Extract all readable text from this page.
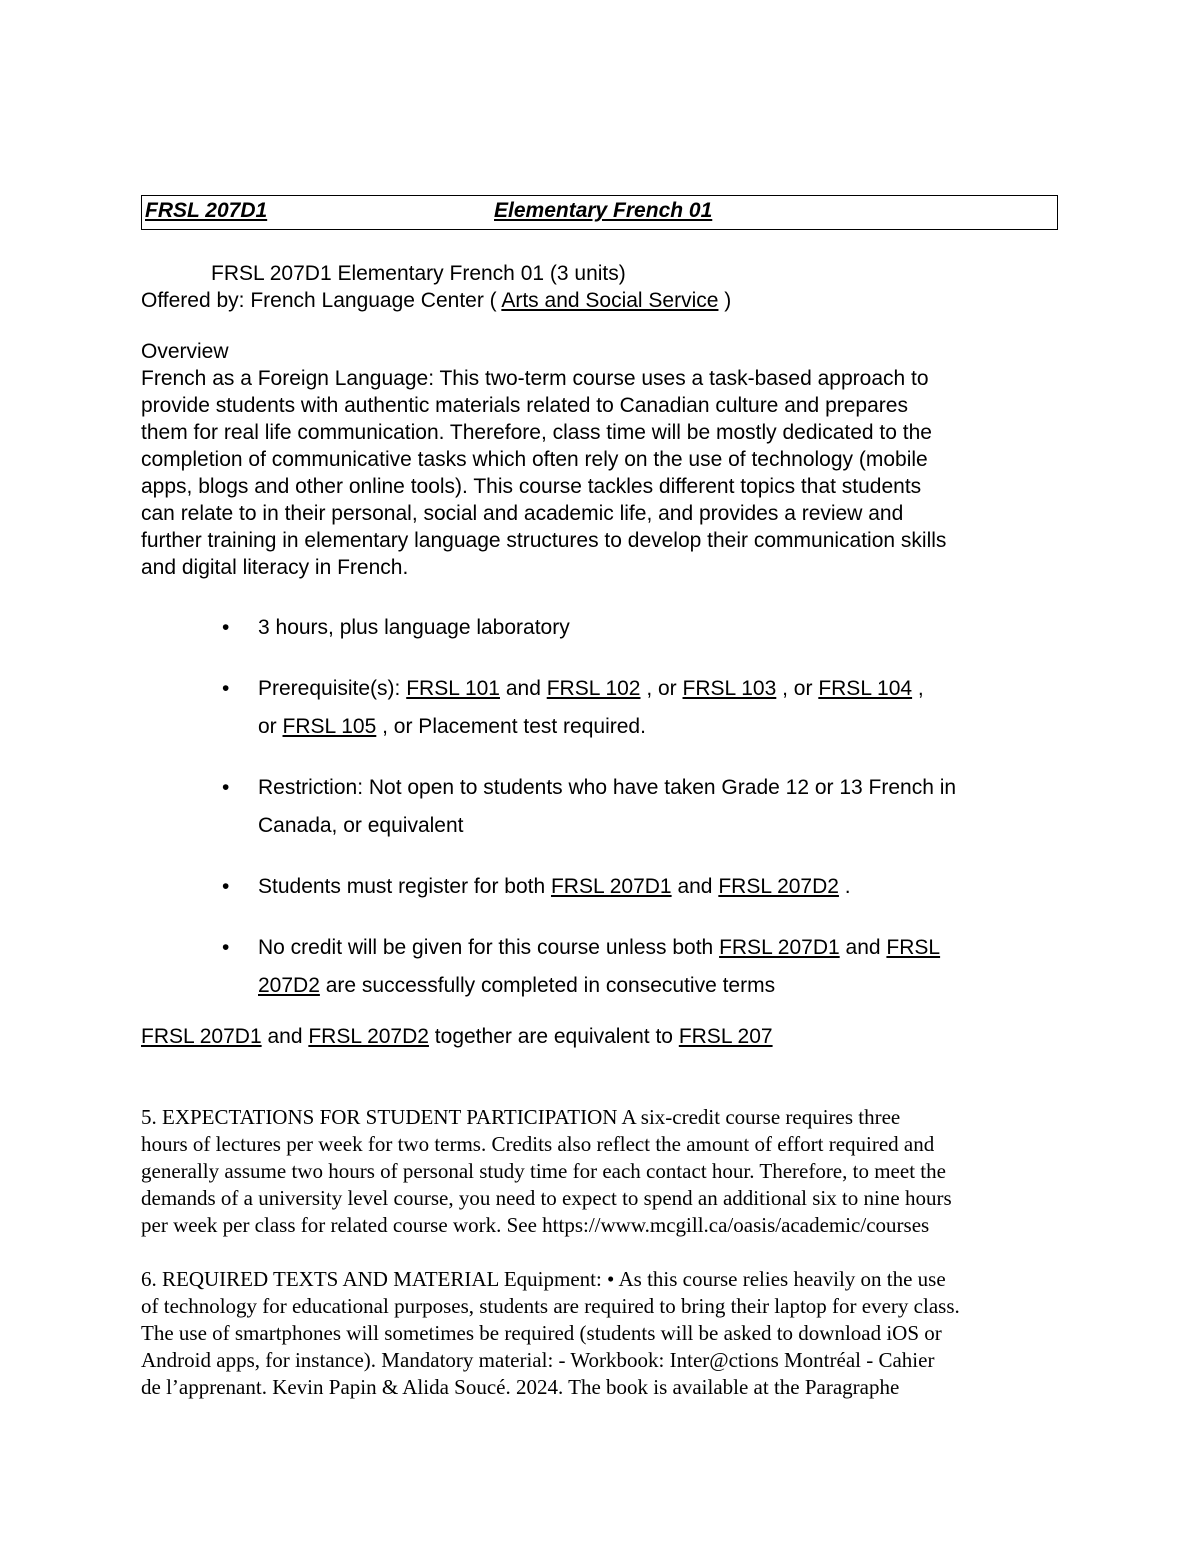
FRSL 207D1	Elementary French 01
FRSL 207D1 Elementary French 01 (3 units)
Offered by: French Language Center ( Arts and Social Service )
Overview
French as a Foreign Language: This two-term course uses a task-based approach to
provide students with authentic materials related to Canadian culture and prepares
them for real life communication. Therefore, class time will be mostly dedicated to the
completion of communicative tasks which often rely on the use of technology (mobile
apps, blogs and other online tools). This course tackles different topics that students
can relate to in their personal, social and academic life, and provides a review and
further training in elementary language structures to develop their communication skills
and digital literacy in French.
• 3 hours, plus language laboratory
• Prerequisite(s): FRSL 101 and FRSL 102 , or FRSL 103 , or FRSL 104 ,
or FRSL 105 , or Placement test required.
• Restriction: Not open to students who have taken Grade 12 or 13 French in
Canada, or equivalent
• Students must register for both FRSL 207D1 and FRSL 207D2 .
• No credit will be given for this course unless both FRSL 207D1 and FRSL
207D2 are successfully completed in consecutive terms
FRSL 207D1 and FRSL 207D2 together are equivalent to FRSL 207
5. EXPECTATIONS FOR STUDENT PARTICIPATION A six-credit course requires three
hours of lectures per week for two terms. Credits also reflect the amount of effort required and
generally assume two hours of personal study time for each contact hour. Therefore, to meet the
demands of a university level course, you need to expect to spend an additional six to nine hours
per week per class for related course work. See https://www.mcgill.ca/oasis/academic/courses
6. REQUIRED TEXTS AND MATERIAL Equipment: • As this course relies heavily on the use
of technology for educational purposes, students are required to bring their laptop for every class.
The use of smartphones will sometimes be required (students will be asked to download iOS or
Android apps, for instance). Mandatory material: - Workbook: Inter@ctions Montréal - Cahier
de l’apprenant. Kevin Papin & Alida Soucé. 2024. The book is available at the Paragraphe
